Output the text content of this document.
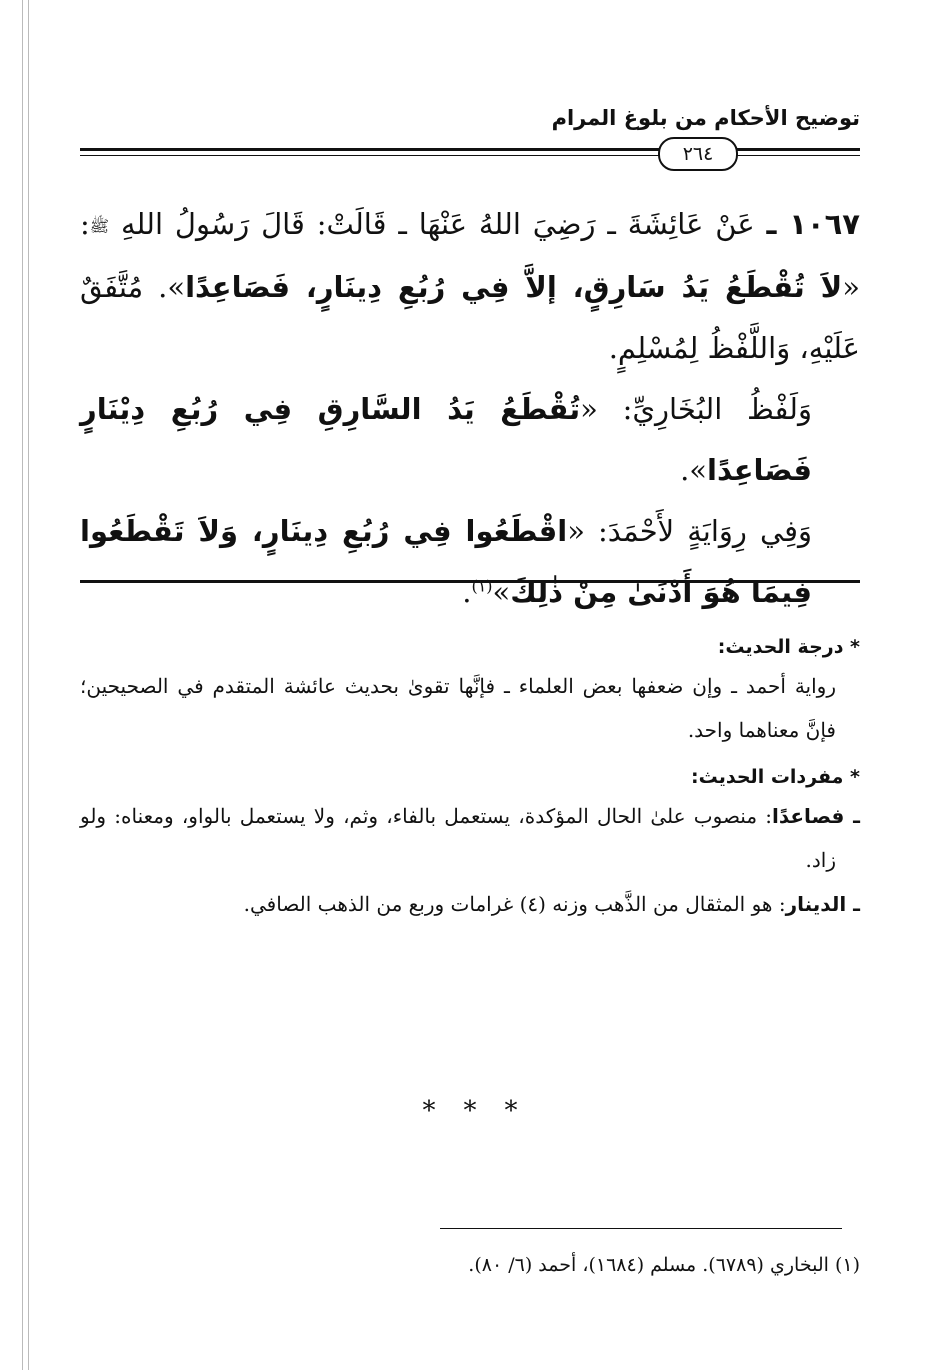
توضيح الأحكام من بلوغ المرام
٢٦٤

١٠٦٧ ـ عَنْ عَائِشَةَ ـ رَضِيَ اللهُ عَنْهَا ـ قَالَتْ: قَالَ رَسُولُ اللهِ ﷺ: «لاَ تُقْطَعُ يَدُ سَارِقٍ، إلاَّ فِي رُبُعِ دِينَارٍ، فَصَاعِدًا». مُتَّفَقٌ عَلَيْهِ، وَاللَّفْظُ لِمُسْلِمٍ.

وَلَفْظُ البُخَارِيِّ: «تُقْطَعُ يَدُ السَّارِقِ فِي رُبُعِ دِيْنَارٍ فَصَاعِدًا».

وَفِي رِوَايَةٍ لأَحْمَدَ: «اقْطَعُوا فِي رُبُعِ دِينَارٍ، وَلاَ تَقْطَعُوا فِيمَا هُوَ أَدْنَىٰ مِنْ ذٰلِكَ»$^{(١)}$.

* درجة الحديث:

رواية أحمد ـ وإن ضعفها بعض العلماء ـ فإنَّها تقوىٰ بحديث عائشة المتقدم في الصحيحين؛ فإنَّ معناهما واحد.

* مفردات الحديث:

ـ فصاعدًا: منصوب علىٰ الحال المؤكدة، يستعمل بالفاء، وثم، ولا يستعمل بالواو، ومعناه: ولو زاد.

ـ الدينار: هو المثقال من الذَّهب وزنه (٤) غرامات وربع من الذهب الصافي.

***
(١) البخاري (٦٧٨٩). مسلم (١٦٨٤)، أحمد (٦/ ٨٠).
